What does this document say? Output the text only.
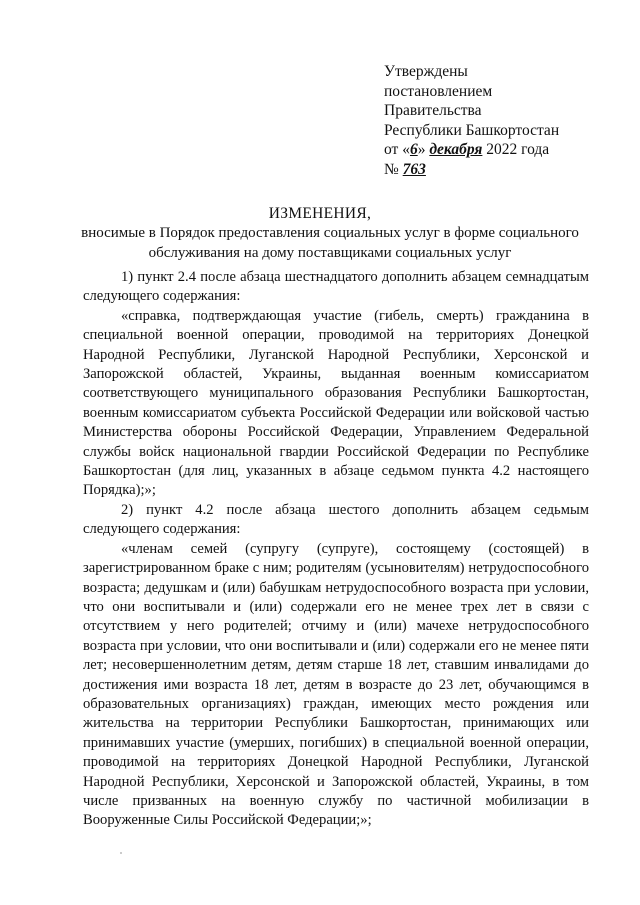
Утверждены
постановлением
Правительства
Республики Башкортостан
от «6» декабря 2022 года
№ 763
ИЗМЕНЕНИЯ,
вносимые в Порядок предоставления социальных услуг в форме социального обслуживания на дому поставщиками социальных услуг

1) пункт 2.4 после абзаца шестнадцатого дополнить абзацем семнадцатым следующего содержания:

«справка, подтверждающая участие (гибель, смерть) гражданина в специальной военной операции, проводимой на территориях Донецкой Народной Республики, Луганской Народной Республики, Херсонской и Запорожской областей, Украины, выданная военным комиссариатом соответствующего муниципального образования Республики Башкортостан, военным комиссариатом субъекта Российской Федерации или войсковой частью Министерства обороны Российской Федерации, Управлением Федеральной службы войск национальной гвардии Российской Федерации по Республике Башкортостан (для лиц, указанных в абзаце седьмом пункта 4.2 настоящего Порядка);»;

2) пункт 4.2 после абзаца шестого дополнить абзацем седьмым следующего содержания:

«членам семей (супругу (супруге), состоящему (состоящей) в зарегистрированном браке с ним; родителям (усыновителям) нетрудоспособного возраста; дедушкам и (или) бабушкам нетрудоспособного возраста при условии, что они воспитывали и (или) содержали его не менее трех лет в связи с отсутствием у него родителей; отчиму и (или) мачехе нетрудоспособного возраста при условии, что они воспитывали и (или) содержали его не менее пяти лет; несовершеннолетним детям, детям старше 18 лет, ставшим инвалидами до достижения ими возраста 18 лет, детям в возрасте до 23 лет, обучающимся в образовательных организациях) граждан, имеющих место рождения или жительства на территории Республики Башкортостан, принимающих или принимавших участие (умерших, погибших) в специальной военной операции, проводимой на территориях Донецкой Народной Республики, Луганской Народной Республики, Херсонской и Запорожской областей, Украины, в том числе призванных на военную службу по частичной мобилизации в Вооруженные Силы Российской Федерации;»;
